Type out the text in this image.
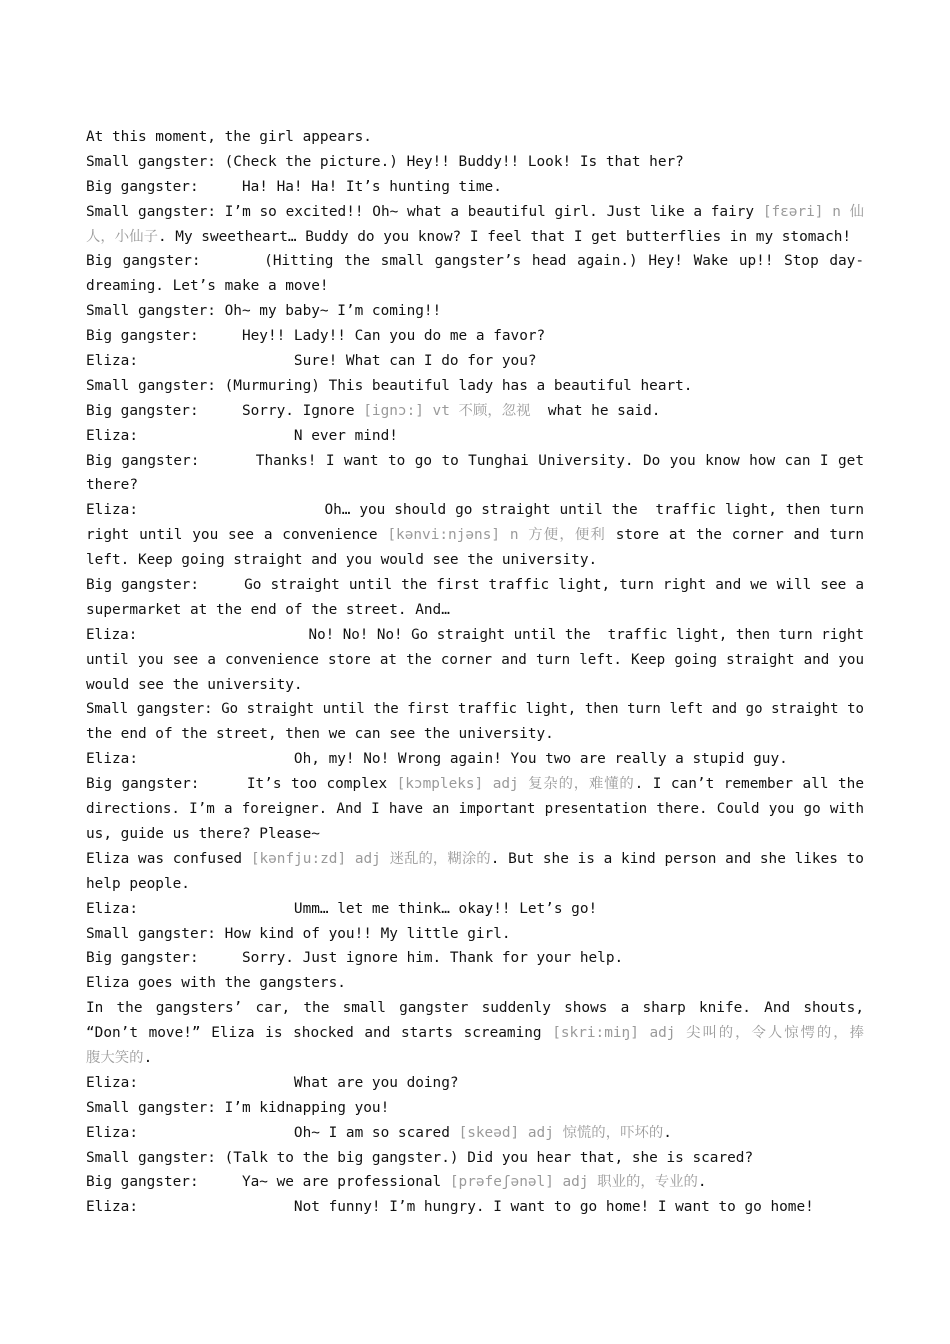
At this moment, the girl appears.
Small gangster: (Check the picture.) Hey!! Buddy!! Look! Is that her?
Big gangster:     Ha! Ha! Ha! It’s hunting time.
Small gangster: I’m so excited!! Oh~ what a beautiful girl. Just like a fairy [fɛəri] n 仙
人，小仙子. My sweetheart… Buddy do you know? I feel that I get butterflies in my stomach!
Big gangster:      (Hitting the small gangster’s head again.) Hey! Wake up!! Stop day-
dreaming. Let’s make a move!
Small gangster: Oh~ my baby~ I’m coming!!
Big gangster:     Hey!! Lady!! Can you do me a favor?
Eliza:                  Sure! What can I do for you?
Small gangster: (Murmuring) This beautiful lady has a beautiful heart.
Big gangster:     Sorry. Ignore [ignɔ:] vt 不顾，忽视  what he said.
Eliza:                  N ever mind!
Big gangster:      Thanks! I want to go to Tunghai University. Do you know how can I get
there?
Eliza:                     Oh… you should go straight until the  traffic light, then turn
right until you see a convenience [kənvi:njəns] n 方便，便利 store at the corner and turn
left. Keep going straight and you would see the university.
Big gangster:     Go straight until the first traffic light, turn right and we will see a
supermarket at the end of the street. And…
Eliza:                    No! No! No! Go straight until the  traffic light, then turn right
until you see a convenience store at the corner and turn left. Keep going straight and you
would see the university.
Small gangster: Go straight until the first traffic light, then turn left and go straight to
the end of the street, then we can see the university.
Eliza:                  Oh, my! No! Wrong again! You two are really a stupid guy.
Big gangster:     It’s too complex [kɔmpleks] adj 复杂的，难懂的. I can’t remember all the
directions. I’m a foreigner. And I have an important presentation there. Could you go with
us, guide us there? Please~
Eliza was confused [kənfju:zd] adj 迷乱的，糊涂的. But she is a kind person and she likes to
help people.
Eliza:                  Umm… let me think… okay!! Let’s go!
Small gangster: How kind of you!! My little girl.
Big gangster:     Sorry. Just ignore him. Thank for your help.
Eliza goes with the gangsters.
In the gangsters’ car, the small gangster suddenly shows a sharp knife. And shouts,
“Don’t move!” Eliza is shocked and starts screaming [skri:miŋ] adj 尖叫的，令人惊愕的，捧
腹大笑的.
Eliza:                  What are you doing?
Small gangster: I’m kidnapping you!
Eliza:                  Oh~ I am so scared [skeəd] adj 惊慌的，吓坏的.
Small gangster: (Talk to the big gangster.) Did you hear that, she is scared?
Big gangster:     Ya~ we are professional [prəfeʃənəl] adj 职业的，专业的.
Eliza:                  Not funny! I’m hungry. I want to go home! I want to go home!
